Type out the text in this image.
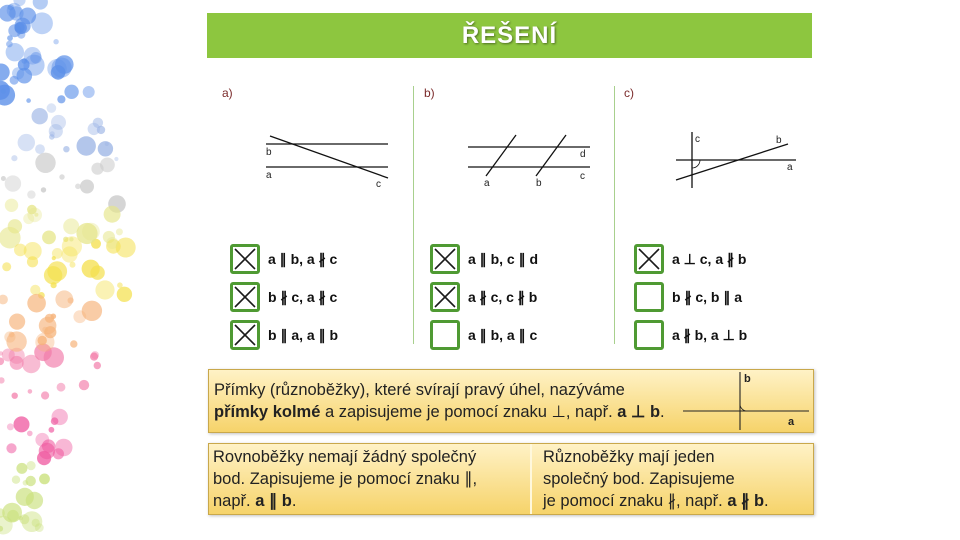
ŘEŠENÍ
a)	b)	c)
b
a
c
d
c
a	b
c	b
a
a ∥ b, a ∦ c
b ∦ c, a ∦ c
b ∥ a, a ∥ b
a ∥ b, c ∥ d
a ∦ c, c ∦ b
a ∥ b, a ∥ c
a ⊥ c, a ∦ b
b ∦ c, b ∥ a
a ∦ b, a ⊥ b
Přímky (různoběžky), které svírají pravý úhel, nazýváme
přímky kolmé a zapisujeme je pomocí znaku ⊥, např. a ⊥ b.
b
a
Rovnoběžky nemají žádný společný
bod. Zapisujeme je pomocí znaku ∥,
např. a ∥ b.
Různoběžky mají jeden
společný bod. Zapisujeme
je pomocí znaku ∦, např. a ∦ b.
